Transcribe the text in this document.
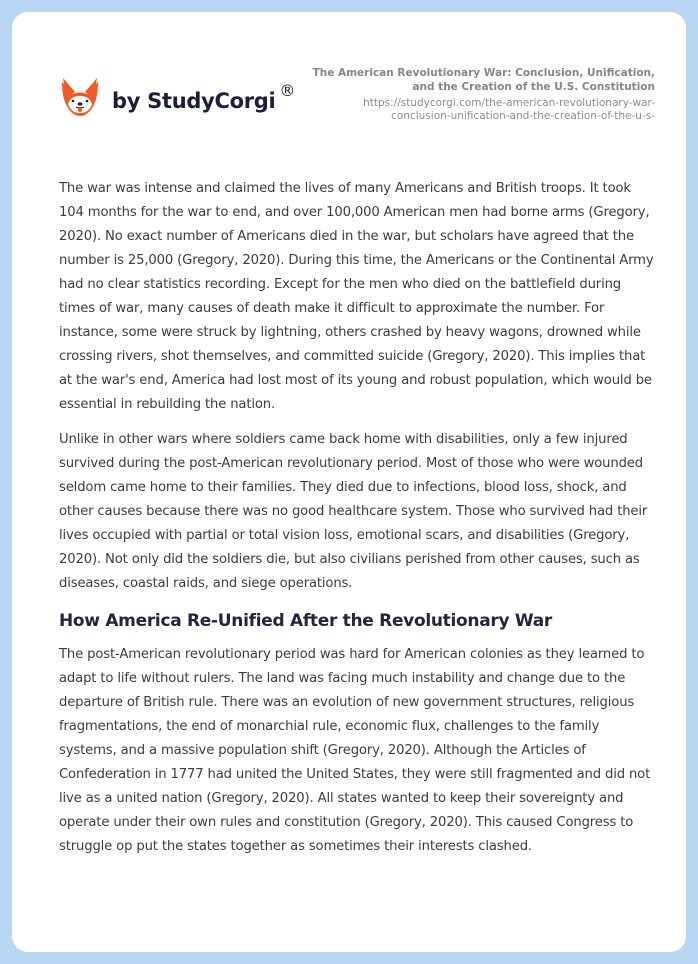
by StudyCorgi ®
The American Revolutionary War: Conclusion, Unification,
and the Creation of the U.S. Constitution
https://studycorgi.com/the-american-revolutionary-war-
conclusion-unification-and-the-creation-of-the-u-s-

The war was intense and claimed the lives of many Americans and British troops. It took 104 months for the war to end, and over 100,000 American men had borne arms (Gregory, 2020). No exact number of Americans died in the war, but scholars have agreed that the number is 25,000 (Gregory, 2020). During this time, the Americans or the Continental Army had no clear statistics recording. Except for the men who died on the battlefield during times of war, many causes of death make it difficult to approximate the number. For instance, some were struck by lightning, others crashed by heavy wagons, drowned while crossing rivers, shot themselves, and committed suicide (Gregory, 2020). This implies that at the war's end, America had lost most of its young and robust population, which would be essential in rebuilding the nation.

Unlike in other wars where soldiers came back home with disabilities, only a few injured survived during the post-American revolutionary period. Most of those who were wounded seldom came home to their families. They died due to infections, blood loss, shock, and other causes because there was no good healthcare system. Those who survived had their lives occupied with partial or total vision loss, emotional scars, and disabilities (Gregory, 2020). Not only did the soldiers die, but also civilians perished from other causes, such as diseases, coastal raids, and siege operations.

How America Re-Unified After the Revolutionary War

The post-American revolutionary period was hard for American colonies as they learned to adapt to life without rulers. The land was facing much instability and change due to the departure of British rule. There was an evolution of new government structures, religious fragmentations, the end of monarchial rule, economic flux, challenges to the family systems, and a massive population shift (Gregory, 2020). Although the Articles of Confederation in 1777 had united the United States, they were still fragmented and did not live as a united nation (Gregory, 2020). All states wanted to keep their sovereignty and operate under their own rules and constitution (Gregory, 2020). This caused Congress to struggle op put the states together as sometimes their interests clashed.
